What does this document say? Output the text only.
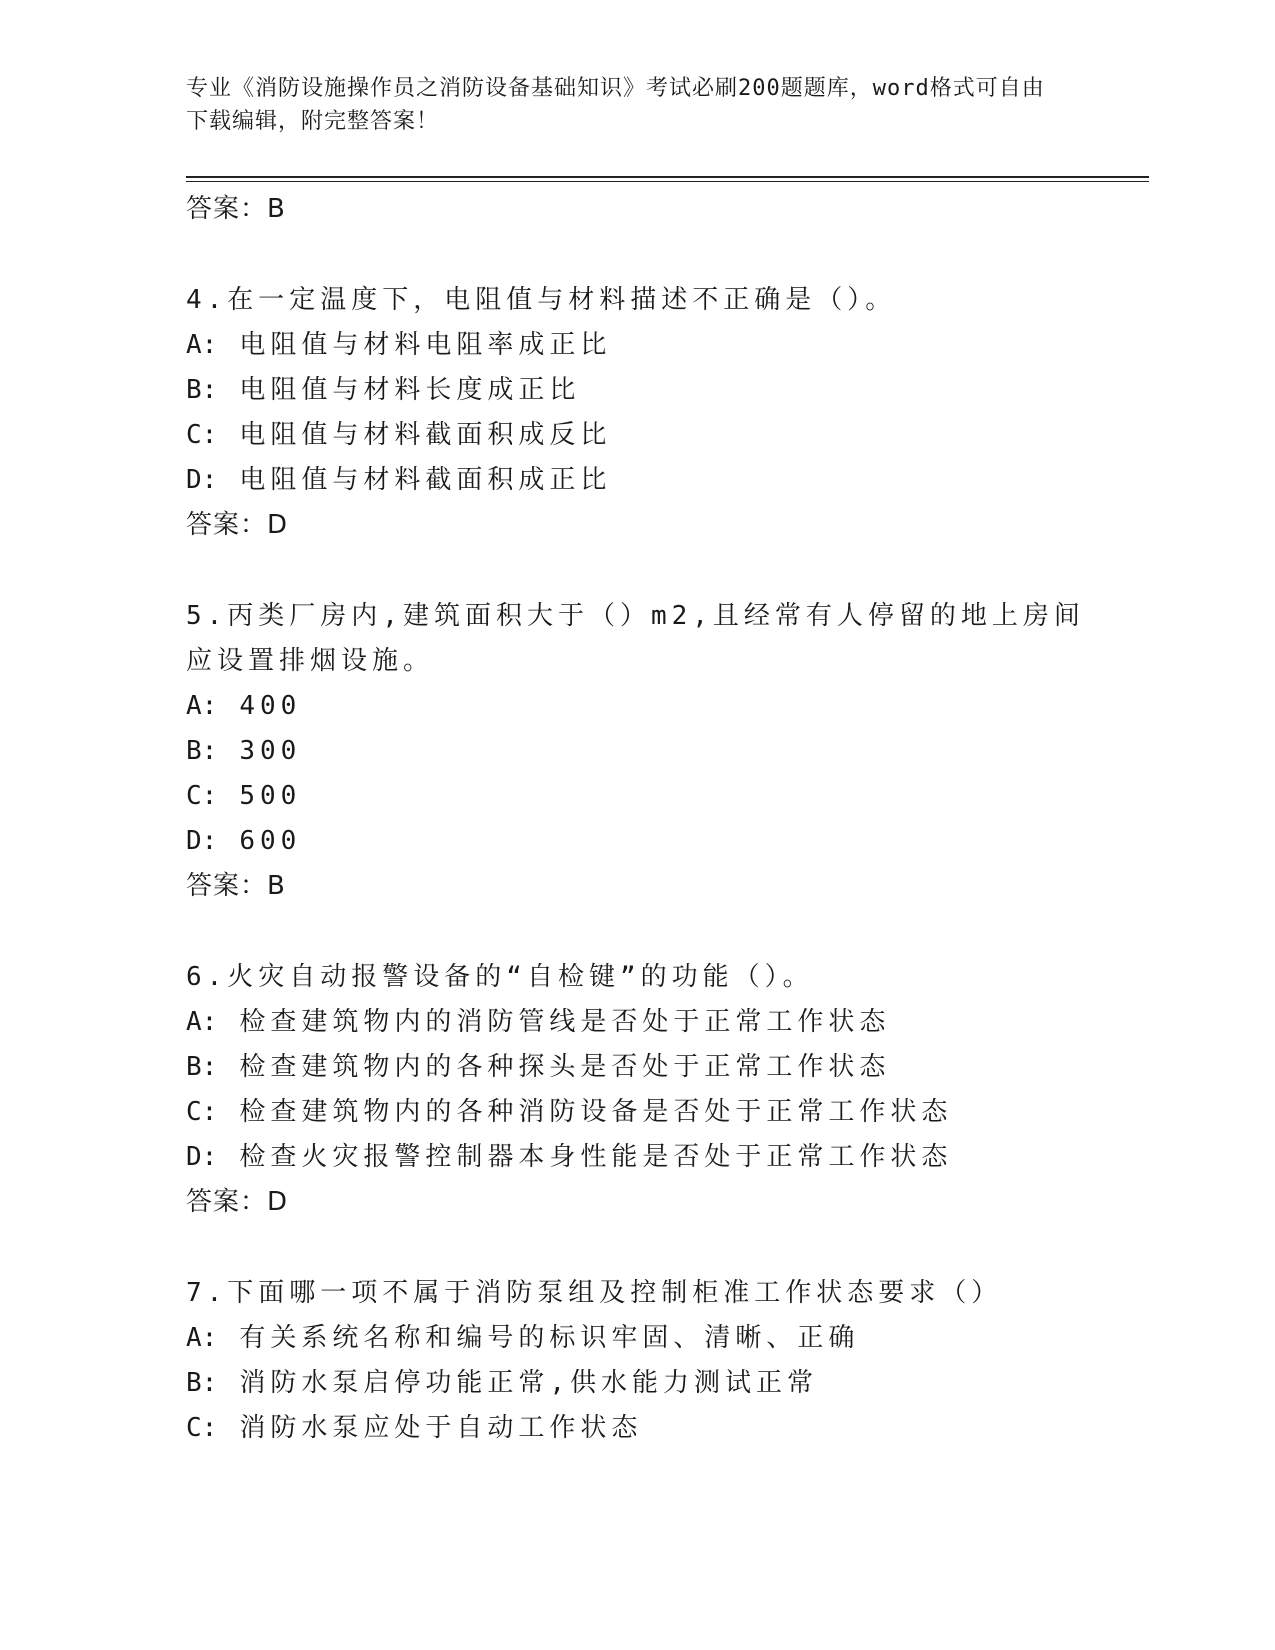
专业《消防设施操作员之消防设备基础知识》考试必刷200题题库，word格式可自由下载编辑，附完整答案！
答案：B
4.在一定温度下，电阻值与材料描述不正确是（）。
A: 电阻值与材料电阻率成正比
B: 电阻值与材料长度成正比
C: 电阻值与材料截面积成反比
D: 电阻值与材料截面积成正比
答案：D
5.丙类厂房内,建筑面积大于（）m2,且经常有人停留的地上房间应设置排烟设施。
A: 400
B: 300
C: 500
D: 600
答案：B
6.火灾自动报警设备的“自检键”的功能（）。
A: 检查建筑物内的消防管线是否处于正常工作状态
B: 检查建筑物内的各种探头是否处于正常工作状态
C: 检查建筑物内的各种消防设备是否处于正常工作状态
D: 检查火灾报警控制器本身性能是否处于正常工作状态
答案：D
7.下面哪一项不属于消防泵组及控制柜准工作状态要求（）
A: 有关系统名称和编号的标识牢固、清晰、正确
B: 消防水泵启停功能正常,供水能力测试正常
C: 消防水泵应处于自动工作状态
